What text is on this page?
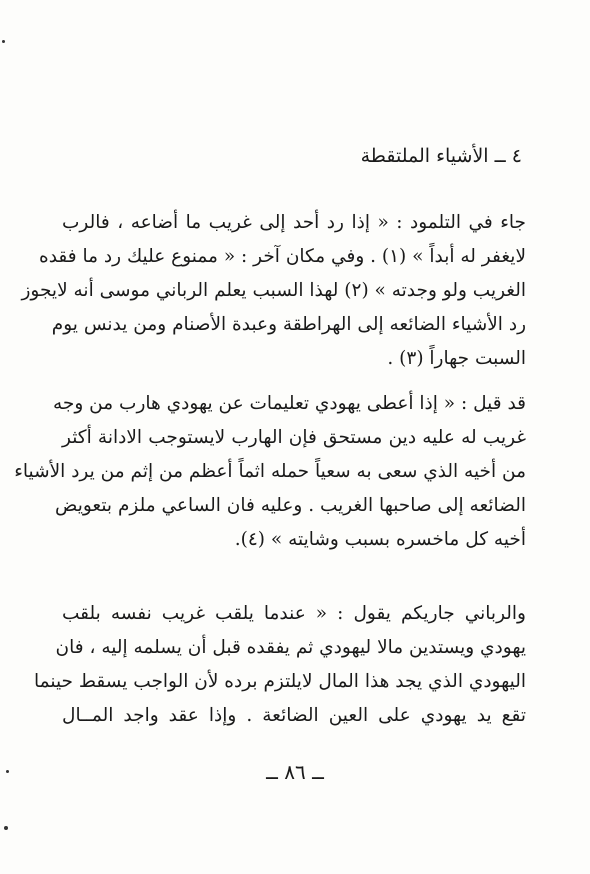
٤ ــ الأشياء الملتقطة
جاء في التلمود : « إذا رد أحد إلى غريب ما أضاعه ، فالرب
لايغفر له أبداً » (١) . وفي مكان آخر : « ممنوع عليك رد ما فقده
الغريب ولو وجدته » (٢) لهذا السبب يعلم الرباني موسى أنه لايجوز
رد الأشياء الضائعه إلى الهراطقة وعبدة الأصنام ومن يدنس يوم
السبت جهاراً (٣) .
قد قيل : « إذا أعطى يهودي تعليمات عن يهودي هارب من وجه
غريب له عليه دين مستحق فإن الهارب لايستوجب الادانة أكثر
من أخيه الذي سعى به سعياً حمله اثماً أعظم من إثم من يرد الأشياء
الضائعه إلى صاحبها الغريب . وعليه فان الساعي ملزم بتعويض
أخيه كل ماخسره بسبب وشايته » (٤).
والرباني جاريكم يقول : « عندما يلقب غريب نفسه بلقب
يهودي ويستدين مالا ليهودي ثم يفقده قبل أن يسلمه إليه ، فان
اليهودي الذي يجد هذا المال لايلتزم برده لأن الواجب يسقط حينما
تقع يد يهودي على العين الضائعة . وإذا عقد واجد المــال
ــ ٨٦ ــ
